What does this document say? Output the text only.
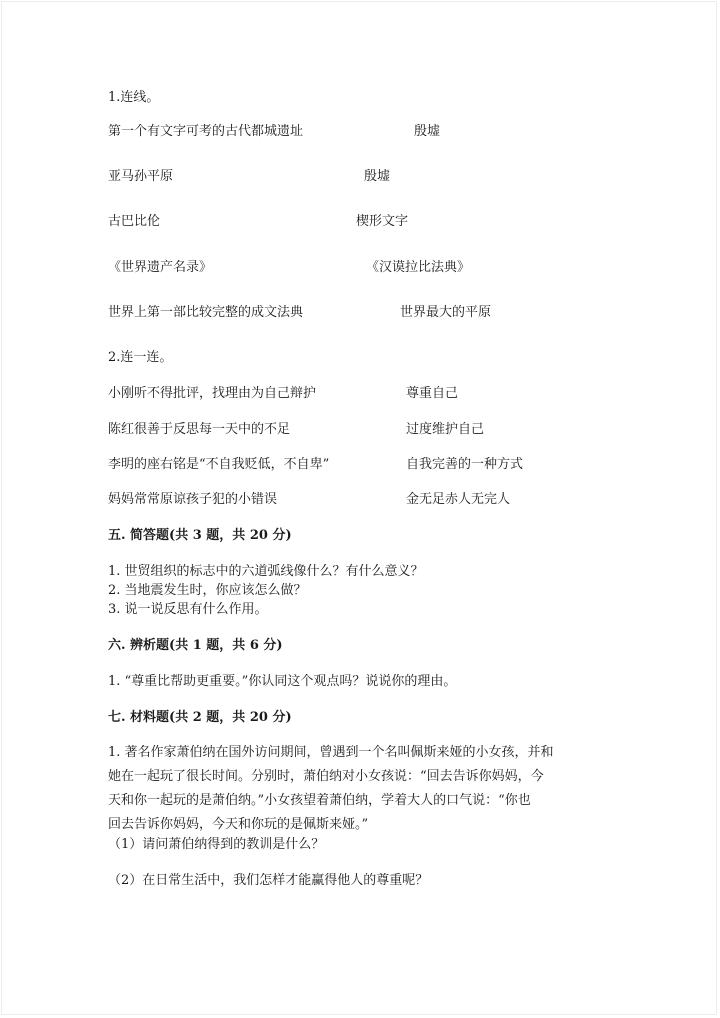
1.连线。
第一个有文字可考的古代都城遗址	殷墟
亚马孙平原	殷墟
古巴比伦	楔形文字
《世界遗产名录》	《汉谟拉比法典》
世界上第一部比较完整的成文法典	世界最大的平原
2.连一连。
小刚听不得批评，找理由为自己辩护	尊重自己
陈红很善于反思每一天中的不足	过度维护自己
李明的座右铭是“不自我贬低，不自卑”	自我完善的一种方式
妈妈常常原谅孩子犯的小错误	金无足赤人无完人
五. 简答题(共 3 题，共 20 分)
1. 世贸组织的标志中的六道弧线像什么？有什么意义？
2. 当地震发生时，你应该怎么做？
3. 说一说反思有什么作用。
六. 辨析题(共 1 题，共 6 分)
1. “尊重比帮助更重要。”你认同这个观点吗？说说你的理由。
七. 材料题(共 2 题，共 20 分)
1. 著名作家萧伯纳在国外访问期间，曾遇到一个名叫佩斯来娅的小女孩，并和
她在一起玩了很长时间。分别时，萧伯纳对小女孩说：“回去告诉你妈妈，今
天和你一起玩的是萧伯纳。”小女孩望着萧伯纳，学着大人的口气说：“你也
回去告诉你妈妈，今天和你玩的是佩斯来娅。”
（1）请问萧伯纳得到的教训是什么？
（2）在日常生活中，我们怎样才能赢得他人的尊重呢？
